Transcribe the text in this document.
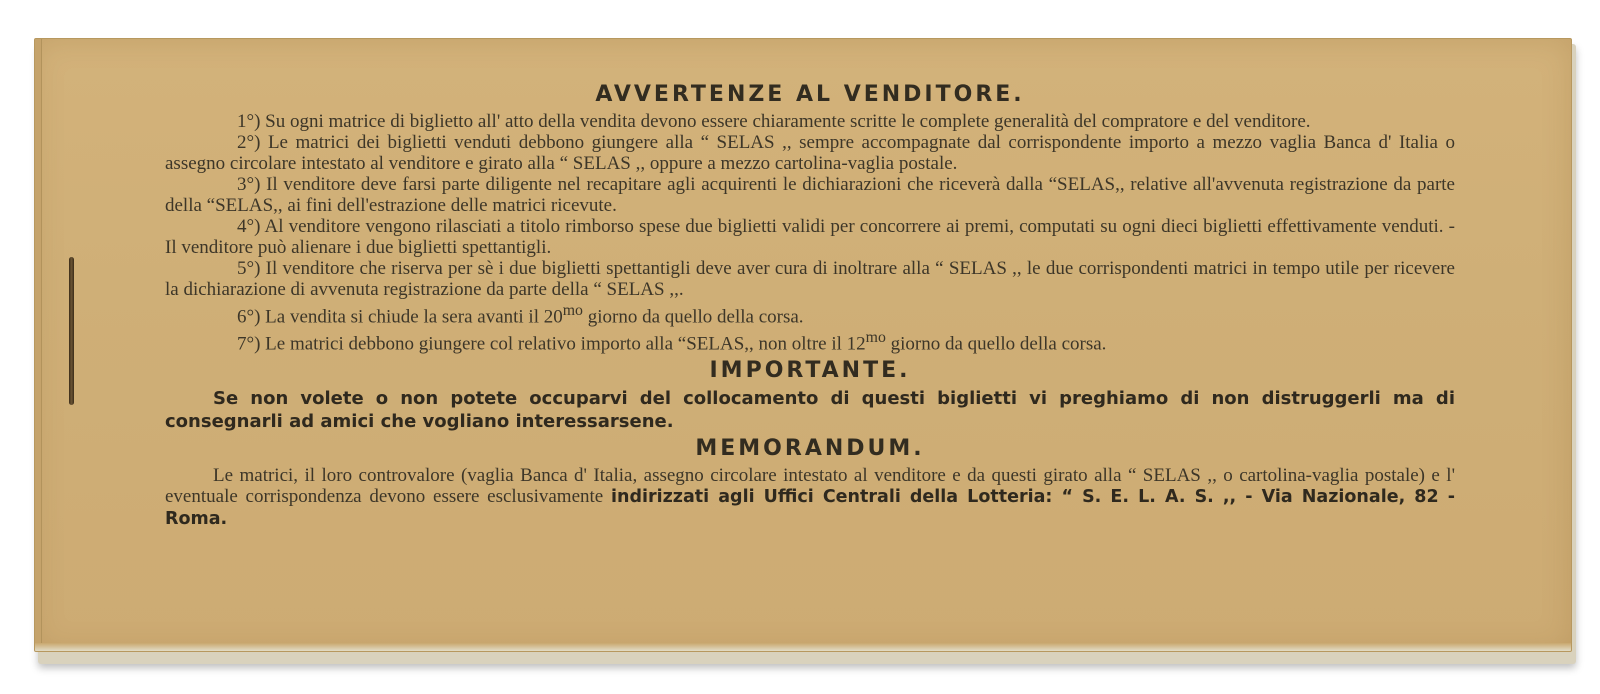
AVVERTENZE AL VENDITORE.

1°) Su ogni matrice di biglietto all' atto della vendita devono essere chiaramente scritte le complete generalità del compratore e del venditore.

2°) Le matrici dei biglietti venduti debbono giungere alla “ SELAS ,, sempre accompagnate dal corrispondente importo a mezzo vaglia Banca d' Italia o assegno circolare intestato al venditore e girato alla “ SELAS ,, oppure a mezzo cartolina-vaglia postale.

3°) Il venditore deve farsi parte diligente nel recapitare agli acquirenti le dichiarazioni che riceverà dalla “SELAS,, relative all'avvenuta registrazione da parte della “SELAS,, ai fini dell'estrazione delle matrici ricevute.

4°) Al venditore vengono rilasciati a titolo rimborso spese due biglietti validi per concorrere ai premi, computati su ogni dieci biglietti effettivamente venduti. - Il venditore può alienare i due biglietti spettantigli.

5°) Il venditore che riserva per sè i due biglietti spettantigli deve aver cura di inoltrare alla “ SELAS ,, le due corrispondenti matrici in tempo utile per ricevere la dichiarazione di avvenuta registrazione da parte della “ SELAS ,,.

6°) La vendita si chiude la sera avanti il $20^{mo}$ giorno da quello della corsa.

7°) Le matrici debbono giungere col relativo importo alla “SELAS,, non oltre il $12^{mo}$ giorno da quello della corsa.

IMPORTANTE.

Se non volete o non potete occuparvi del collocamento di questi biglietti vi preghiamo di non distruggerli ma di consegnarli ad amici che vogliano interessarsene.

MEMORANDUM.

Le matrici, il loro controvalore (vaglia Banca d' Italia, assegno circolare intestato al venditore e da questi girato alla “ SELAS ,, o cartolina-vaglia postale) e l' eventuale corrispondenza devono essere esclusivamente indirizzati agli Uffici Centrali della Lotteria: “ S. E. L. A. S. ,, - Via Nazionale, 82 - Roma.
